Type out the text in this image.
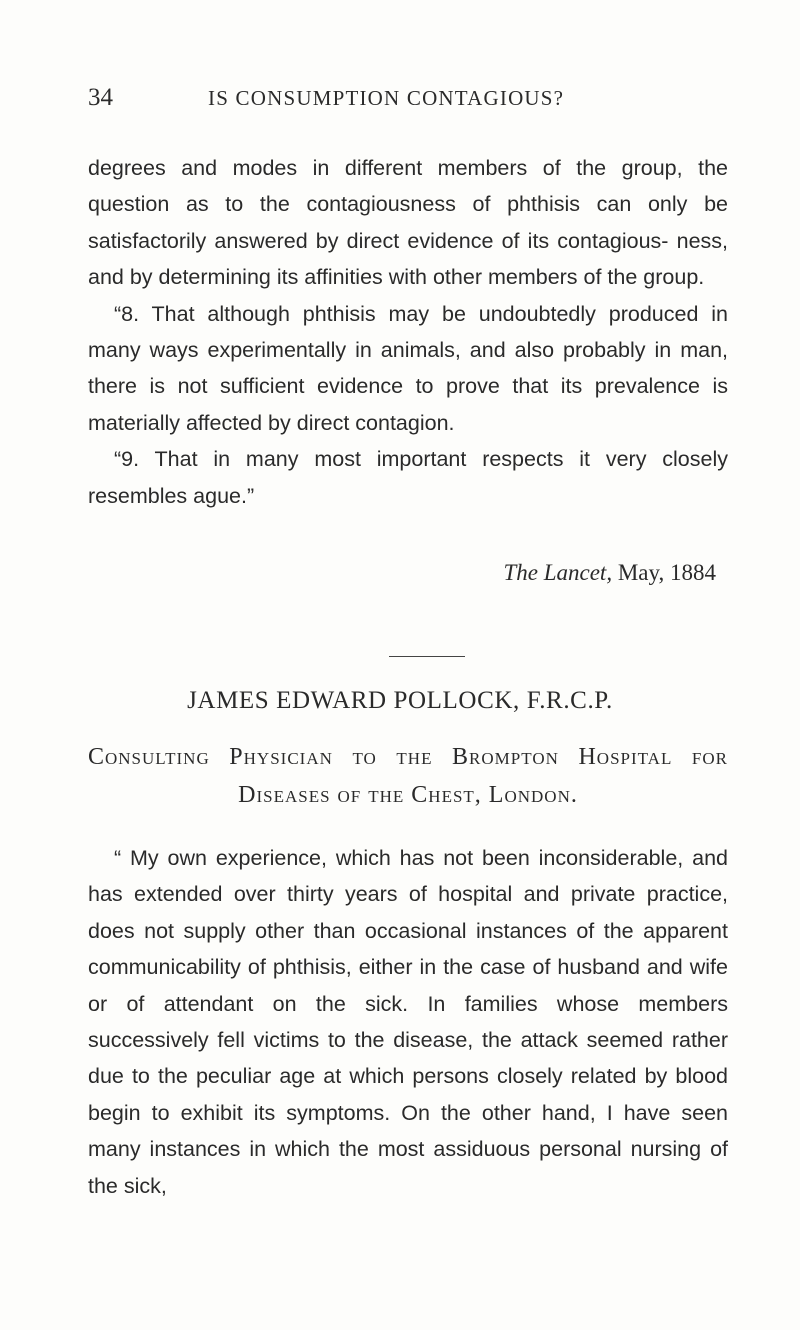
34	IS CONSUMPTION CONTAGIOUS?

degrees and modes in different members of the group, the question as to the contagiousness of phthisis can only be satisfactorily answered by direct evidence of its contagious- ness, and by determining its affinities with other members of the group.

“8. That although phthisis may be undoubtedly produced in many ways experimentally in animals, and also probably in man, there is not sufficient evidence to prove that its prevalence is materially affected by direct contagion.

“9. That in many most important respects it very closely resembles ague.”

The Lancet, May, 1884
JAMES EDWARD POLLOCK, F.R.C.P.
Consulting Physician to the Brompton Hospital for Diseases of the Chest, London.

“ My own experience, which has not been inconsiderable, and has extended over thirty years of hospital and private practice, does not supply other than occasional instances of the apparent communicability of phthisis, either in the case of husband and wife or of attendant on the sick. In families whose members successively fell victims to the disease, the attack seemed rather due to the peculiar age at which persons closely related by blood begin to exhibit its symptoms. On the other hand, I have seen many instances in which the most assiduous personal nursing of the sick,
